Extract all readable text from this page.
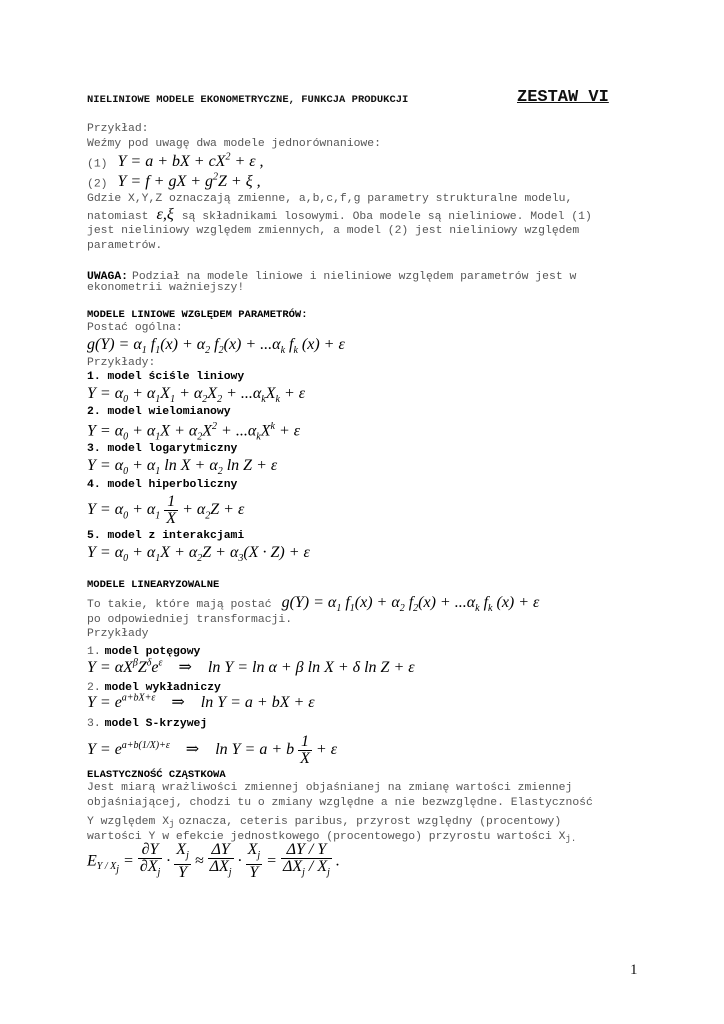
NIELINIOWE MODELE EKONOMETRYCZNE, FUNKCJA PRODUKCJI	ZESTAW VI
Przykład:
Weźmy pod uwagę dwa modele jednorównaniowe:
(1) Y = a + bX + $cX^2 + \varepsilon$ ,
(2) Y = f + gX + $g^2Z + \xi$ ,
Gdzie X,Y,Z oznaczają zmienne, a,b,c,f,g parametry strukturalne modelu,
natomiast ε,ξ są składnikami losowymi. Oba modele są nieliniowe. Model (1)
jest nieliniowy względem zmiennych, a model (2) jest nieliniowy względem
parametrów.
UWAGA: Podział na modele liniowe i nieliniowe względem parametrów jest w
ekonometrii ważniejszy!
MODELE LINIOWE WZGLĘDEM PARAMETRÓW:
Postać ogólna:
$g(Y) = \alpha_1$ $f_1(x) + \alpha_2$ $f_2(x) + ...\alpha_k$ $f_k$ (x) + ε
Przykłady:
1. model ściśle liniowy
$Y = \alpha_0 + \alpha_1X_1 + \alpha_2X_2 + ...\alpha_kX_k + \varepsilon$
2. model wielomianowy
$Y = \alpha_0 + \alpha_1X + \alpha_2X^2 + ...\alpha_kX^k + \varepsilon$
3. model logarytmiczny
$Y = \alpha_0 + \alpha_1$ $\ln X + \alpha_2$ ln Z + ε
4. model hiperboliczny
$Y = \alpha_0 + \alpha_1 \frac{1}{X} + \alpha_2Z + \varepsilon$
5. model z interakcjami
$Y = \alpha_0 + \alpha_1X + \alpha_2Z + \alpha_3(X \cdot Z) + \varepsilon$
MODELE LINEARYZOWALNE
To takie, które mają postać $g(Y) = \alpha_1$ $f_1(x) + \alpha_2$ $f_2(x) + ...\alpha_k$ $f_k$ (x) + ε
po odpowiedniej transformacji.
Przykłady
1. model potęgowy
$Y = \alpha X^\beta Z^\delta e^\varepsilon$ ⇒    ln Y = ln α + β ln X + δ ln Z + ε
2. model wykładniczy
$Y = e^{a+bX+\varepsilon}$ ⇒    ln Y = a + bX + ε
3. model S-krzywej
$Y = e^{a+b(1/X)+\varepsilon}$ ⇒    ln Y = a + b $\frac{1}{X} + \varepsilon$
ELASTYCZNOŚĆ CZĄSTKOWA
Jest miarą wrażliwości zmiennej objaśnianej na zmianę wartości zmiennej
objaśniającej, chodzi tu o zmiany względne a nie bezwzględne. Elastyczność
Y względem Xj oznacza, ceteris paribus, przyrost względny (procentowy)
wartości Y w efekcie jednostkowego (procentowego) przyrostu wartości Xj.
$E_{Y / X_j} = \frac{\partial Y}{\partial X_j} \cdot \frac{X_j}{Y} \approx \frac{\Delta Y}{\Delta X_j} \cdot \frac{X_j}{Y} = \frac{\Delta Y / Y}{\Delta X_j / X_j}$ .
1
